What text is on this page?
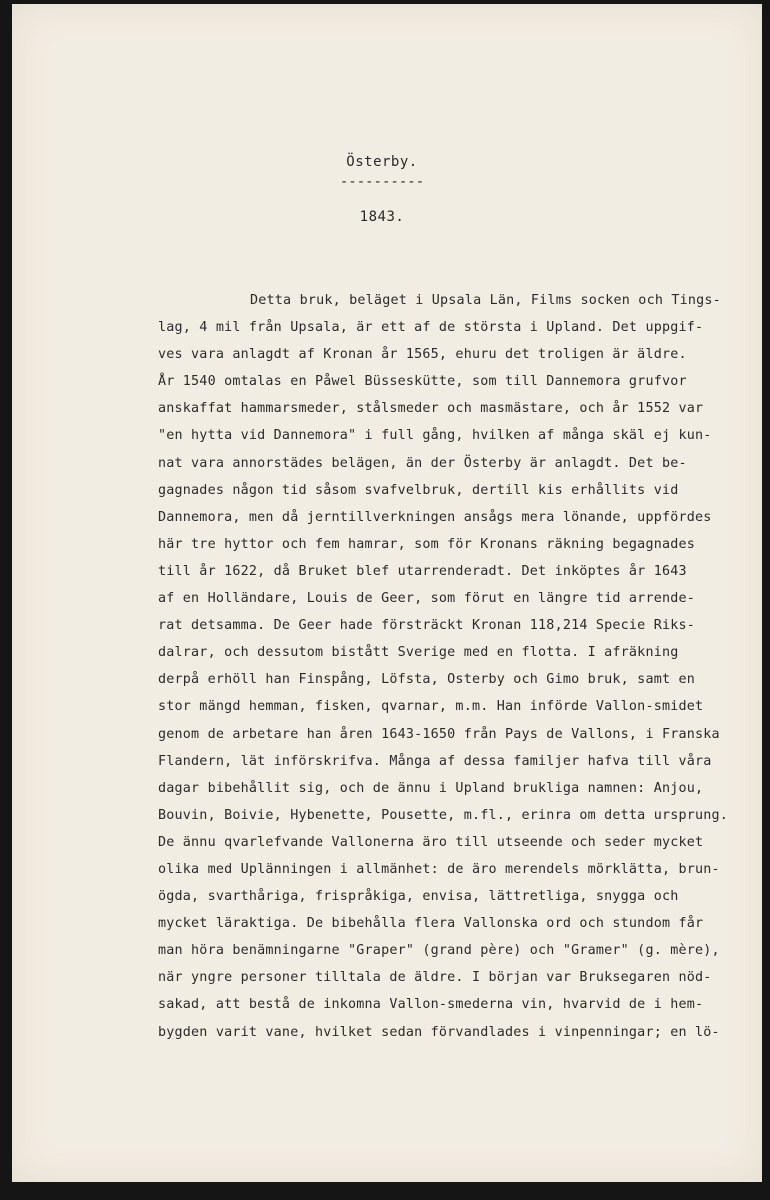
Österby.
----------
1843.
Detta bruk, beläget i Upsala Län, Films socken och Tings-
lag, 4 mil från Upsala, är ett af de största i Upland. Det uppgif-
ves vara anlagdt af Kronan år 1565, ehuru det troligen är äldre.
År 1540 omtalas en Påwel Büsseskütte, som till Dannemora grufvor
anskaffat hammarsmeder, stålsmeder och masmästare, och år 1552 var
"en hytta vid Dannemora" i full gång, hvilken af många skäl ej kun-
nat vara annorstädes belägen, än der Österby är anlagdt. Det be-
gagnades någon tid såsom svafvelbruk, dertill kis erhållits vid
Dannemora, men då jerntillverkningen ansågs mera lönande, uppfördes
här tre hyttor och fem hamrar, som för Kronans räkning begagnades
till år 1622, då Bruket blef utarrenderadt. Det inköptes år 1643
af en Holländare, Louis de Geer, som förut en längre tid arrende-
rat detsamma. De Geer hade försträckt Kronan 118,214 Specie Riks-
dalrar, och dessutom bistått Sverige med en flotta. I afräkning
derpå erhöll han Finspång, Löfsta, Osterby och Gimo bruk, samt en
stor mängd hemman, fisken, qvarnar, m.m. Han införde Vallon-smidet
genom de arbetare han åren 1643-1650 från Pays de Vallons, i Franska
Flandern, lät införskrifva. Många af dessa familjer hafva till våra
dagar bibehållit sig, och de ännu i Upland brukliga namnen: Anjou,
Bouvin, Boivie, Hybenette, Pousette, m.fl., erinra om detta ursprung.
De ännu qvarlefvande Vallonerna äro till utseende och seder mycket
olika med Uplänningen i allmänhet: de äro merendels mörklätta, brun-
ögda, svarthåriga, frispråkiga, envisa, lättretliga, snygga och
mycket läraktiga. De bibehålla flera Vallonska ord och stundom får
man höra benämningarne "Graper" (grand père) och "Gramer" (g. mère),
när yngre personer tilltala de äldre. I början var Bruksegaren nöd-
sakad, att bestå de inkomna Vallon-smederna vin, hvarvid de i hem-
bygden varit vane, hvilket sedan förvandlades i vinpenningar; en lö-
